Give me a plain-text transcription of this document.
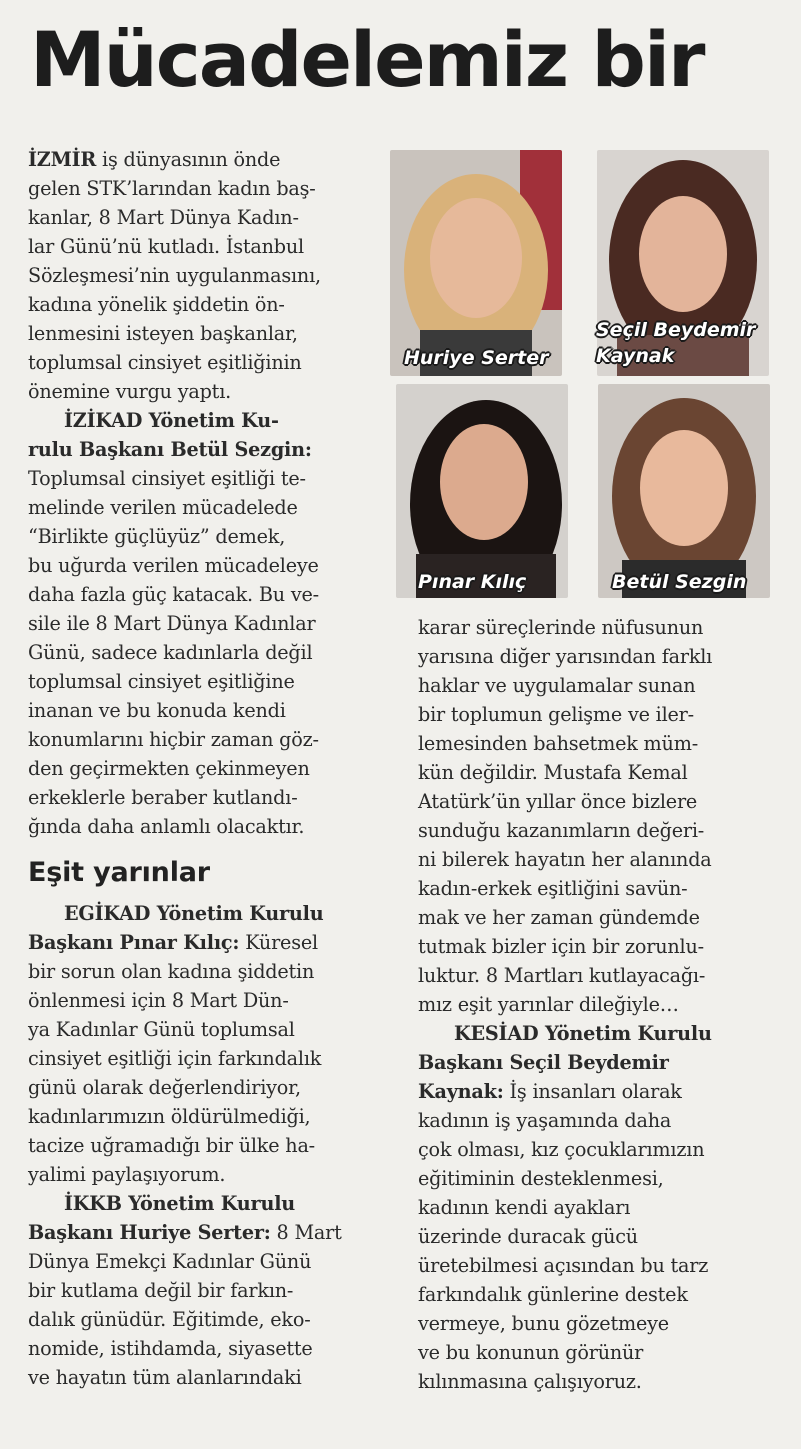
Mücadelemiz bir

İZMİR iş dünyasının önde
gelen STK’larından kadın baş-
kanlar, 8 Mart Dünya Kadın-
lar Günü’nü kutladı. İstanbul
Sözleşmesi’nin uygulanmasını,
kadına yönelik şiddetin ön-
lenmesini isteyen başkanlar,
toplumsal cinsiyet eşitliğinin
önemine vurgu yaptı.

İZİKAD Yönetim Ku-
rulu Başkanı Betül Sezgin:
Toplumsal cinsiyet eşitliği te-
melinde verilen mücadelede
“Birlikte güçlüyüz” demek,
bu uğurda verilen mücadeleye
daha fazla güç katacak. Bu ve-
sile ile 8 Mart Dünya Kadınlar
Günü, sadece kadınlarla değil
toplumsal cinsiyet eşitliğine
inanan ve bu konuda kendi
konumlarını hiçbir zaman göz-
den geçirmekten çekinmeyen
erkeklerle beraber kutlandı-
ğında daha anlamlı olacaktır.

Eşit yarınlar

EGİKAD Yönetim Kurulu
Başkanı Pınar Kılıç: Küresel
bir sorun olan kadına şiddetin
önlenmesi için 8 Mart Dün-
ya Kadınlar Günü toplumsal
cinsiyet eşitliği için farkındalık
günü olarak değerlendiriyor,
kadınlarımızın öldürülmediği,
tacize uğramadığı bir ülke ha-
yalimi paylaşıyorum.

İKKB Yönetim Kurulu
Başkanı Huriye Serter: 8 Mart
Dünya Emekçi Kadınlar Günü
bir kutlama değil bir farkın-
dalık günüdür. Eğitimde, eko-
nomide, istihdamda, siyasette
ve hayatın tüm alanlarındaki

Huriye Serter
Seçil Beydemir
Kaynak
Pınar Kılıç	Betül Sezgin

karar süreçlerinde nüfusunun
yarısına diğer yarısından farklı
haklar ve uygulamalar sunan
bir toplumun gelişme ve iler-
lemesinden bahsetmek müm-
kün değildir. Mustafa Kemal
Atatürk’ün yıllar önce bizlere
sunduğu kazanımların değeri-
ni bilerek hayatın her alanında
kadın-erkek eşitliğini savün-
mak ve her zaman gündemde
tutmak bizler için bir zorunlu-
luktur. 8 Martları kutlayacağı-
mız eşit yarınlar dileğiyle…

KESİAD Yönetim Kurulu
Başkanı Seçil Beydemir
Kaynak: İş insanları olarak
kadının iş yaşamında daha
çok olması, kız çocuklarımızın
eğitiminin desteklenmesi,
kadının kendi ayakları
üzerinde duracak gücü
üretebilmesi açısından bu tarz
farkındalık günlerine destek
vermeye, bunu gözetmeye
ve bu konunun görünür
kılınmasına çalışıyoruz.
